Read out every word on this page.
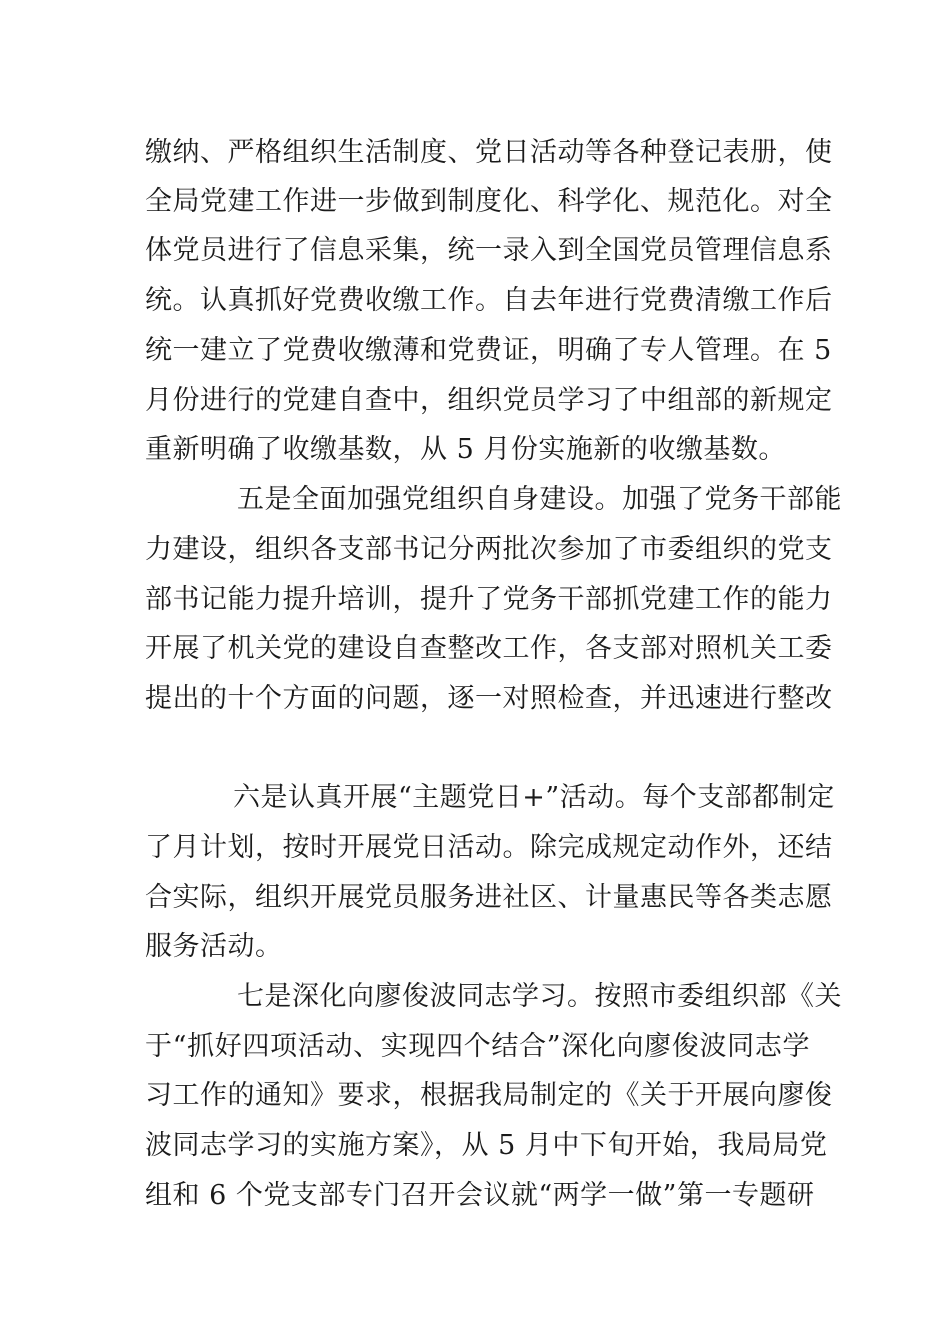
缴纳、严格组织生活制度、党日活动等各种登记表册，使
全局党建工作进一步做到制度化、科学化、规范化。对全
体党员进行了信息采集，统一录入到全国党员管理信息系
统。认真抓好党费收缴工作。自去年进行党费清缴工作后
统一建立了党费收缴薄和党费证，明确了专人管理。在 5
月份进行的党建自查中，组织党员学习了中组部的新规定
重新明确了收缴基数，从 5 月份实施新的收缴基数。
五是全面加强党组织自身建设。加强了党务干部能
力建设，组织各支部书记分两批次参加了市委组织的党支
部书记能力提升培训，提升了党务干部抓党建工作的能力
开展了机关党的建设自查整改工作，各支部对照机关工委
提出的十个方面的问题，逐一对照检查，并迅速进行整改
六是认真开展“主题党日+”活动。每个支部都制定
了月计划，按时开展党日活动。除完成规定动作外，还结
合实际，组织开展党员服务进社区、计量惠民等各类志愿
服务活动。
七是深化向廖俊波同志学习。按照市委组织部《关
于“抓好四项活动、实现四个结合”深化向廖俊波同志学
习工作的通知》要求，根据我局制定的《关于开展向廖俊
波同志学习的实施方案》，从 5 月中下旬开始，我局局党
组和 6 个党支部专门召开会议就“两学一做”第一专题研
